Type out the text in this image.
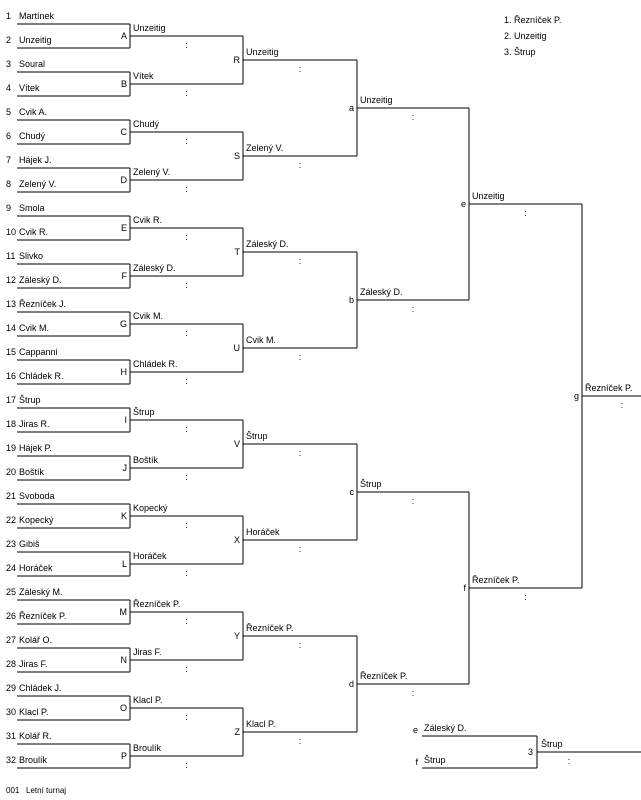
1 Martínek
2 Unzeitig
3 Soural
4 Vítek
5 Cvik A.
6 Chudý
7 Hájek J.
8 Zelený V.
9 Smola
10 Cvik R.
11 Slivko
12 Záleský D.
13 Řezníček J.
14 Cvik M.
15 Cappanni
16 Chládek R.
17 Štrup
18 Jiras R.
19 Hájek P.
20 Boštík
21 Svoboda
22 Kopecký
23 Gibiš
24 Horáček
25 Záleský M.
26 Řezníček P.
27 Kolář O.
28 Jiras F.
29 Chládek J.
30 Klacl P.
31 Kolář R.
32 Broulík
A
Unzeitig
:
B
Vítek
:
C
Chudý
:
D
Zelený V.
:
E
Cvik R.
:
F
Záleský D.
:
G
Cvik M.
:
H
Chládek R.
:
I
Štrup
:
J
Boštík
:
K
Kopecký
:
L
Horáček
:
M
Řezníček P.
:
N
Jiras F.
:
O
Klacl P.
:
P
Broulík
:
R
Unzeitig
:
S
Zelený V.
:
T
Záleský D.
:
U
Cvik M.
:
V
Štrup
:
X
Horáček
:
Y
Řezníček P.
:
Z
Klacl P.
:
a
Unzeitig
:
b
Záleský D.
:
c
Štrup
:
d
Řezníček P.
:
e
Unzeitig
:
f
Řezníček P.
:
g
Řezníček P.
:
e Záleský D.
f Štrup
3
Štrup
:
1. Řezníček P.
2. Unzeitig
3. Štrup
001 Letní turnaj
